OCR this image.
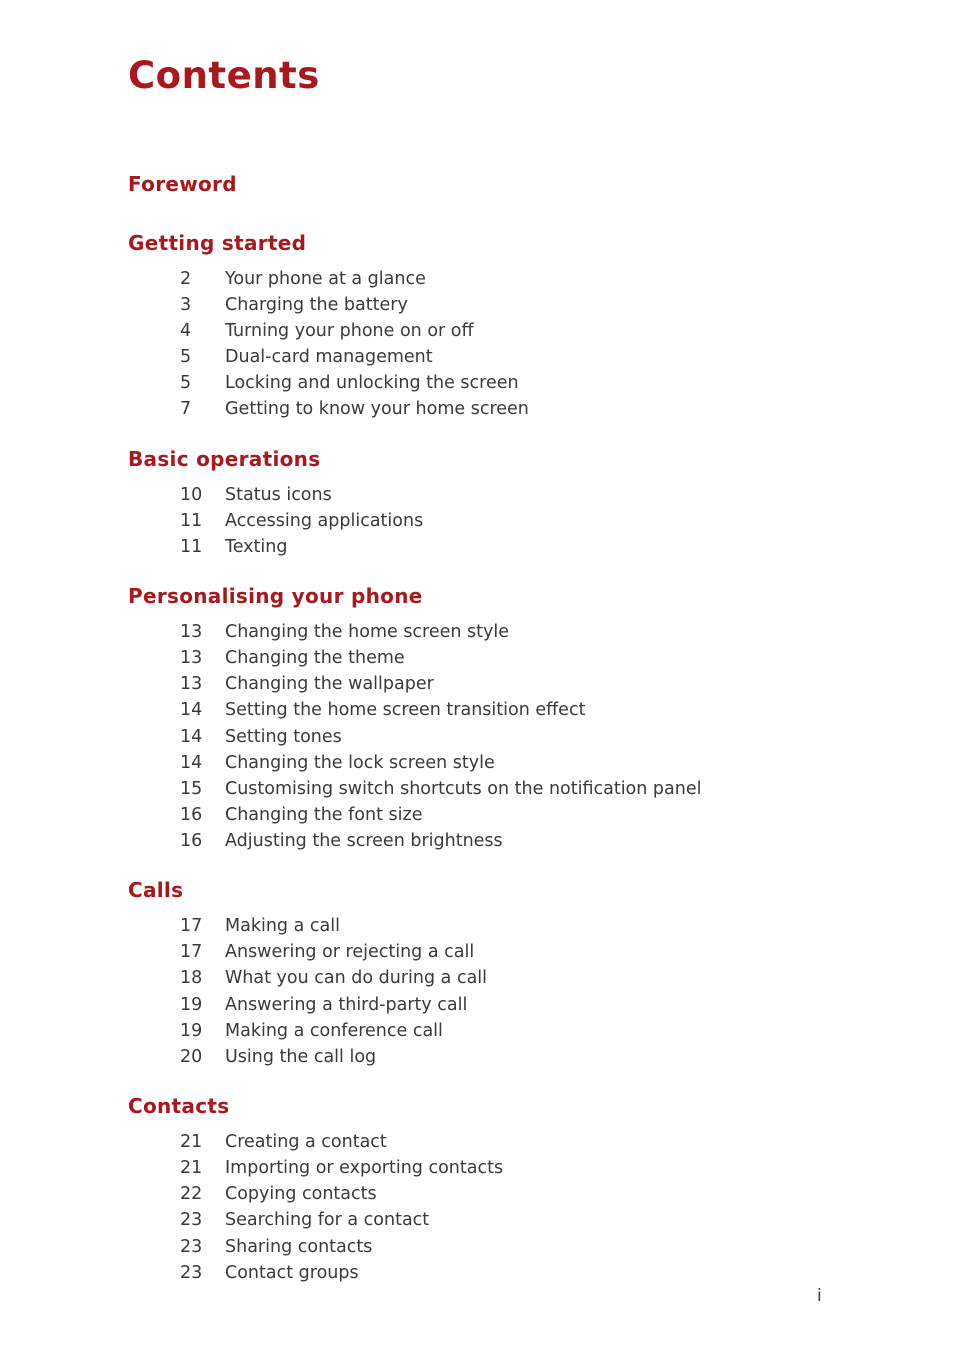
Contents
Foreword
Getting started
2	Your phone at a glance
3	Charging the battery
4	Turning your phone on or off
5	Dual-card management
5	Locking and unlocking the screen
7	Getting to know your home screen
Basic operations
10	Status icons
11	Accessing applications
11	Texting
Personalising your phone
13	Changing the home screen style
13	Changing the theme
13	Changing the wallpaper
14	Setting the home screen transition effect
14	Setting tones
14	Changing the lock screen style
15	Customising switch shortcuts on the notification panel
16	Changing the font size
16	Adjusting the screen brightness
Calls
17	Making a call
17	Answering or rejecting a call
18	What you can do during a call
19	Answering a third-party call
19	Making a conference call
20	Using the call log
Contacts
21	Creating a contact
21	Importing or exporting contacts
22	Copying contacts
23	Searching for a contact
23	Sharing contacts
23	Contact groups
i
